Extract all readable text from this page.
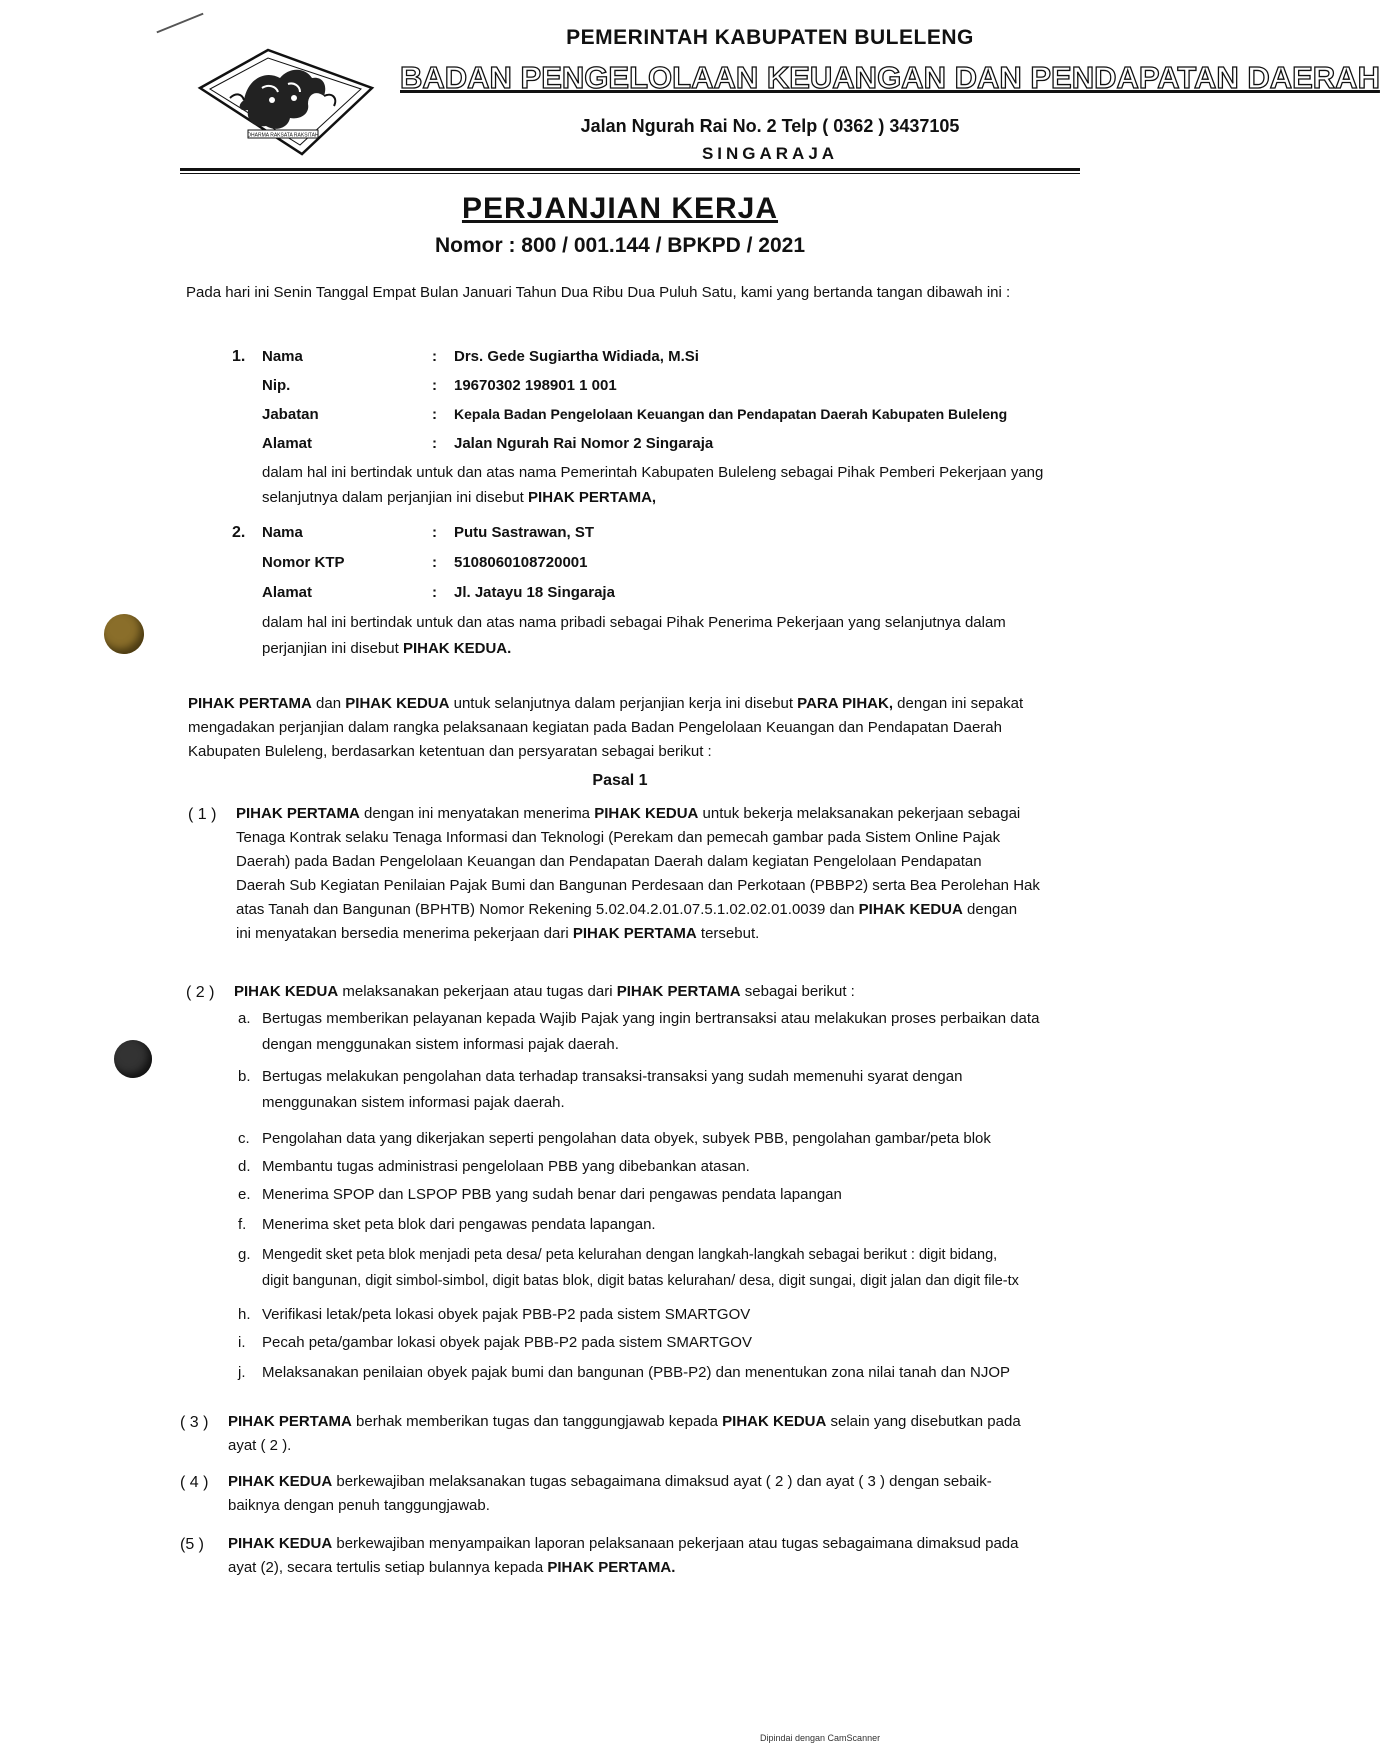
DHARMA RAKSATA RAKSITAH
PEMERINTAH KABUPATEN BULELENG
BADAN PENGELOLAAN KEUANGAN DAN PENDAPATAN DAERAH
Jalan Ngurah Rai No. 2 Telp ( 0362 ) 3437105
SINGARAJA
PERJANJIAN KERJA
Nomor : 800 / 001.144 / BPKPD / 2021
Pada hari ini Senin Tanggal Empat Bulan Januari Tahun Dua Ribu Dua Puluh Satu, kami yang bertanda tangan dibawah ini :
1. Nama	: Drs. Gede Sugiartha Widiada, M.Si
Nip.	: 19670302 198901 1 001
Jabatan	: Kepala Badan Pengelolaan Keuangan dan Pendapatan Daerah Kabupaten Buleleng
Alamat	: Jalan Ngurah Rai Nomor 2 Singaraja
dalam hal ini bertindak untuk dan atas nama Pemerintah Kabupaten Buleleng sebagai Pihak Pemberi Pekerjaan yang
selanjutnya dalam perjanjian ini disebut PIHAK PERTAMA,
2. Nama	: Putu Sastrawan, ST
Nomor KTP	: 5108060108720001
Alamat	: Jl. Jatayu 18 Singaraja
dalam hal ini bertindak untuk dan atas nama pribadi sebagai Pihak Penerima Pekerjaan yang selanjutnya dalam
perjanjian ini disebut PIHAK KEDUA.
PIHAK PERTAMA dan PIHAK KEDUA untuk selanjutnya dalam perjanjian kerja ini disebut PARA PIHAK, dengan ini sepakat
mengadakan perjanjian dalam rangka pelaksanaan kegiatan pada Badan Pengelolaan Keuangan dan Pendapatan Daerah
Kabupaten Buleleng, berdasarkan ketentuan dan persyaratan sebagai berikut :
Pasal 1
( 1 ) PIHAK PERTAMA dengan ini menyatakan menerima PIHAK KEDUA untuk bekerja melaksanakan pekerjaan sebagai
Tenaga Kontrak selaku Tenaga Informasi dan Teknologi (Perekam dan pemecah gambar pada Sistem Online Pajak
Daerah) pada Badan Pengelolaan Keuangan dan Pendapatan Daerah dalam kegiatan Pengelolaan Pendapatan
Daerah Sub Kegiatan Penilaian Pajak Bumi dan Bangunan Perdesaan dan Perkotaan (PBBP2) serta Bea Perolehan Hak
atas Tanah dan Bangunan (BPHTB) Nomor Rekening 5.02.04.2.01.07.5.1.02.02.01.0039 dan PIHAK KEDUA dengan
ini menyatakan bersedia menerima pekerjaan dari PIHAK PERTAMA tersebut.
( 2 ) PIHAK KEDUA melaksanakan pekerjaan atau tugas dari PIHAK PERTAMA sebagai berikut :
a. Bertugas memberikan pelayanan kepada Wajib Pajak yang ingin bertransaksi atau melakukan proses perbaikan data
dengan menggunakan sistem informasi pajak daerah.
b. Bertugas melakukan pengolahan data terhadap transaksi-transaksi yang sudah memenuhi syarat dengan
menggunakan sistem informasi pajak daerah.
c. Pengolahan data yang dikerjakan seperti pengolahan data obyek, subyek PBB, pengolahan gambar/peta blok
d. Membantu tugas administrasi pengelolaan PBB yang dibebankan atasan.
e. Menerima SPOP dan LSPOP PBB yang sudah benar dari pengawas pendata lapangan
f. Menerima sket peta blok dari pengawas pendata lapangan.
g. Mengedit sket peta blok menjadi peta desa/ peta kelurahan dengan langkah-langkah sebagai berikut : digit bidang,
digit bangunan, digit simbol-simbol, digit batas blok, digit batas kelurahan/ desa, digit sungai, digit jalan dan digit file-tx
h. Verifikasi letak/peta lokasi obyek pajak PBB-P2 pada sistem SMARTGOV
i. Pecah peta/gambar lokasi obyek pajak PBB-P2 pada sistem SMARTGOV
j. Melaksanakan penilaian obyek pajak bumi dan bangunan (PBB-P2) dan menentukan zona nilai tanah dan NJOP
( 3 ) PIHAK PERTAMA berhak memberikan tugas dan tanggungjawab kepada PIHAK KEDUA selain yang disebutkan pada
ayat ( 2 ).
( 4 ) PIHAK KEDUA berkewajiban melaksanakan tugas sebagaimana dimaksud ayat ( 2 ) dan ayat ( 3 ) dengan sebaik-
baiknya dengan penuh tanggungjawab.
(5 ) PIHAK KEDUA berkewajiban menyampaikan laporan pelaksanaan pekerjaan atau tugas sebagaimana dimaksud pada
ayat (2), secara tertulis setiap bulannya kepada PIHAK PERTAMA.
Dipindai dengan CamScanner
